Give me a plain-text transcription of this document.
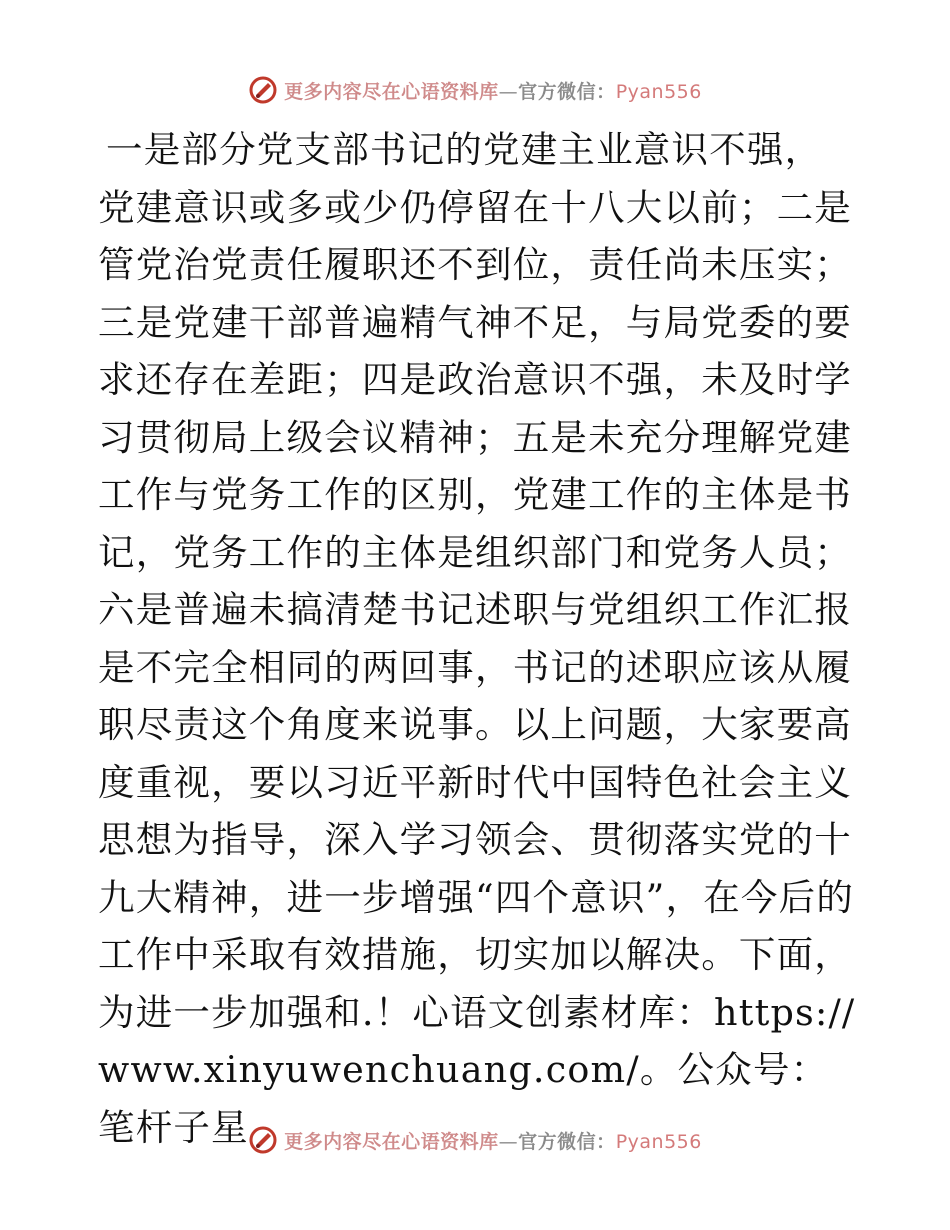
更多内容尽在心语资料库—官方微信：Pyan556

一是部分党支部书记的党建主业意识不强，党建意识或多或少仍停留在十八大以前；二是管党治党责任履职还不到位，责任尚未压实；三是党建干部普遍精气神不足，与局党委的要求还存在差距；四是政治意识不强，未及时学习贯彻局上级会议精神；五是未充分理解党建工作与党务工作的区别，党建工作的主体是书记，党务工作的主体是组织部门和党务人员；六是普遍未搞清楚书记述职与党组织工作汇报是不完全相同的两回事，书记的述职应该从履职尽责这个角度来说事。以上问题，大家要高度重视，要以习近平新时代中国特色社会主义思想为指导，深入学习领会、贯彻落实党的十九大精神，进一步增强“四个意识”，在今后的工作中采取有效措施，切实加以解决。下面，为进一步加强和.！心语文创素材库：https://www.xinyuwenchuang.com/。公众号：笔杆子星	更多内容尽在心语资料库—官方微信：Pyan556
